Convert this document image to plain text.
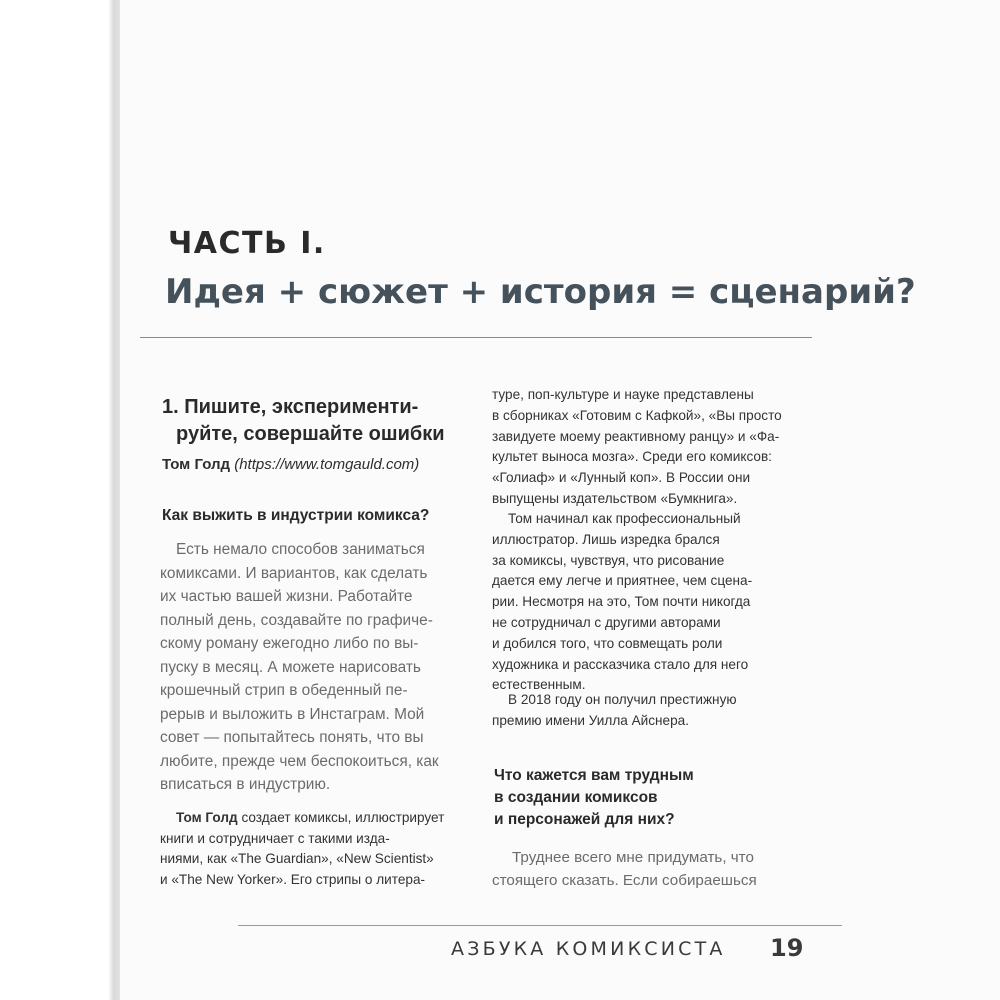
ЧАСТЬ I.
Идея + сюжет + история = сценарий?
1. Пишите, эксперименти-
руйте, совершайте ошибки
Том Голд (https://www.tomgauld.com)

Как выжить в индустрии комикса?

Есть немало способов заниматься
комиксами. И вариантов, как сделать
их частью вашей жизни. Работайте
полный день, создавайте по графиче-
скому роману ежегодно либо по вы-
пуску в месяц. А можете нарисовать
крошечный стрип в обеденный пе-
рерыв и выложить в Инстаграм. Мой
совет — попытайтесь понять, что вы
любите, прежде чем беспокоиться, как
вписаться в индустрию.
Том Голд создает комиксы, иллюстрирует
книги и сотрудничает с такими изда-
ниями, как «The Guardian», «New Scientist»
и «The New Yorker». Его стрипы о литера-
туре, поп-культуре и науке представлены
в сборниках «Готовим с Кафкой», «Вы просто
завидуете моему реактивному ранцу» и «Фа-
культет выноса мозга». Среди его комиксов:
«Голиаф» и «Лунный коп». В России они
выпущены издательством «Бумкнига».
Том начинал как профессиональный
иллюстратор. Лишь изредка брался
за комиксы, чувствуя, что рисование
дается ему легче и приятнее, чем сцена-
рии. Несмотря на это, Том почти никогда
не сотрудничал с другими авторами
и добился того, что совмещать роли
художника и рассказчика стало для него
естественным.
В 2018 году он получил престижную
премию имени Уилла Айснера.

Что кажется вам трудным
в создании комиксов
и персонажей для них?

Труднее всего мне придумать, что
стоящего сказать. Если собираешься
АЗБУКА КОМИКСИСТА 19
